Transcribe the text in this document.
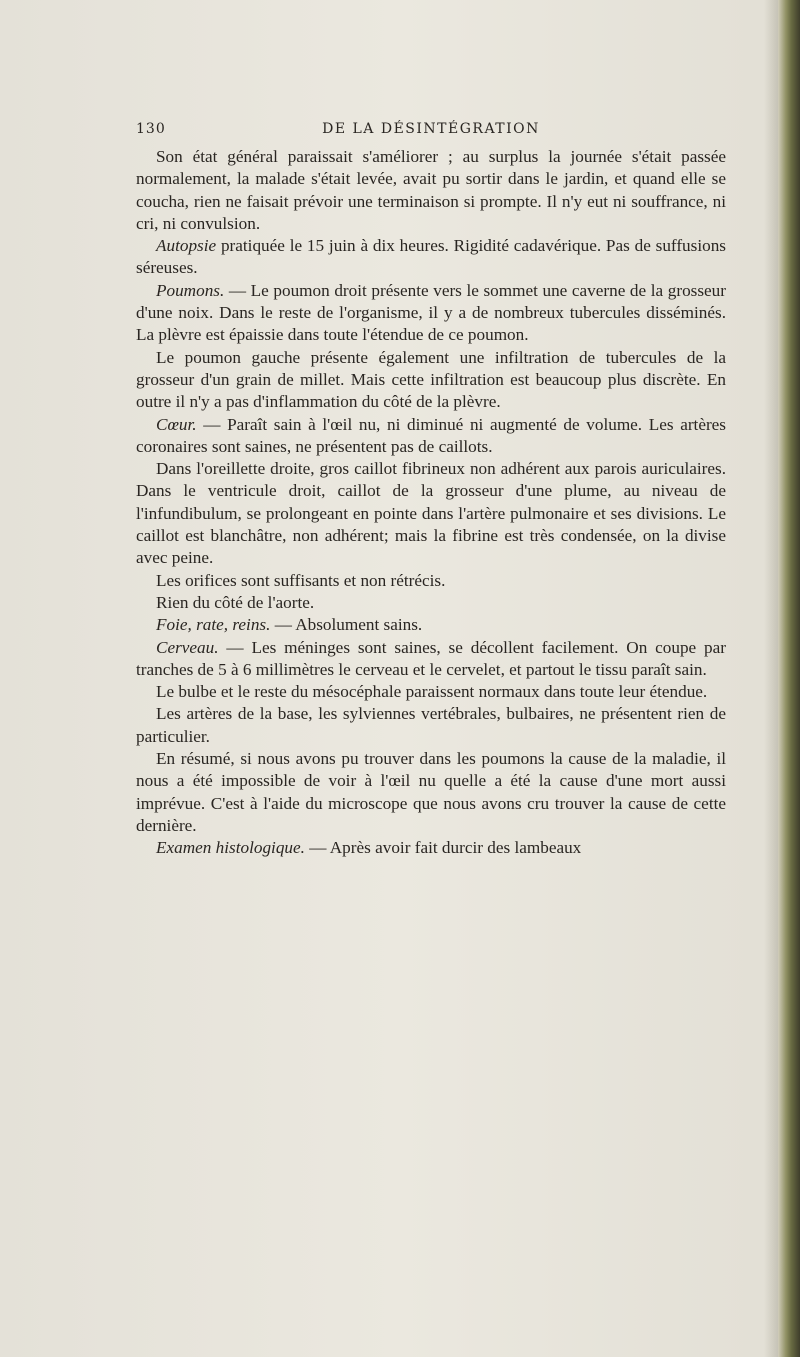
130	DE LA DÉSINTÉGRATION

Son état général paraissait s'améliorer ; au surplus la journée s'était passée normalement, la malade s'était levée, avait pu sortir dans le jardin, et quand elle se coucha, rien ne faisait prévoir une terminaison si prompte. Il n'y eut ni souffrance, ni cri, ni convulsion.

Autopsie pratiquée le 15 juin à dix heures. Rigidité cadavérique. Pas de suffusions séreuses.

Poumons. — Le poumon droit présente vers le sommet une caverne de la grosseur d'une noix. Dans le reste de l'organisme, il y a de nombreux tubercules disséminés. La plèvre est épaissie dans toute l'étendue de ce poumon.

Le poumon gauche présente également une infiltration de tubercules de la grosseur d'un grain de millet. Mais cette infiltration est beaucoup plus discrète. En outre il n'y a pas d'inflammation du côté de la plèvre.

Cœur. — Paraît sain à l'œil nu, ni diminué ni augmenté de volume. Les artères coronaires sont saines, ne présentent pas de caillots.

Dans l'oreillette droite, gros caillot fibrineux non adhérent aux parois auriculaires. Dans le ventricule droit, caillot de la grosseur d'une plume, au niveau de l'infundibulum, se prolongeant en pointe dans l'artère pulmonaire et ses divisions. Le caillot est blanchâtre, non adhérent; mais la fibrine est très condensée, on la divise avec peine.

Les orifices sont suffisants et non rétrécis.

Rien du côté de l'aorte.

Foie, rate, reins. — Absolument sains.

Cerveau. — Les méninges sont saines, se décollent facilement. On coupe par tranches de 5 à 6 millimètres le cerveau et le cervelet, et partout le tissu paraît sain.

Le bulbe et le reste du mésocéphale paraissent normaux dans toute leur étendue.

Les artères de la base, les sylviennes vertébrales, bulbaires, ne présentent rien de particulier.

En résumé, si nous avons pu trouver dans les poumons la cause de la maladie, il nous a été impossible de voir à l'œil nu quelle a été la cause d'une mort aussi imprévue. C'est à l'aide du microscope que nous avons cru trouver la cause de cette dernière.

Examen histologique. — Après avoir fait durcir des lambeaux
